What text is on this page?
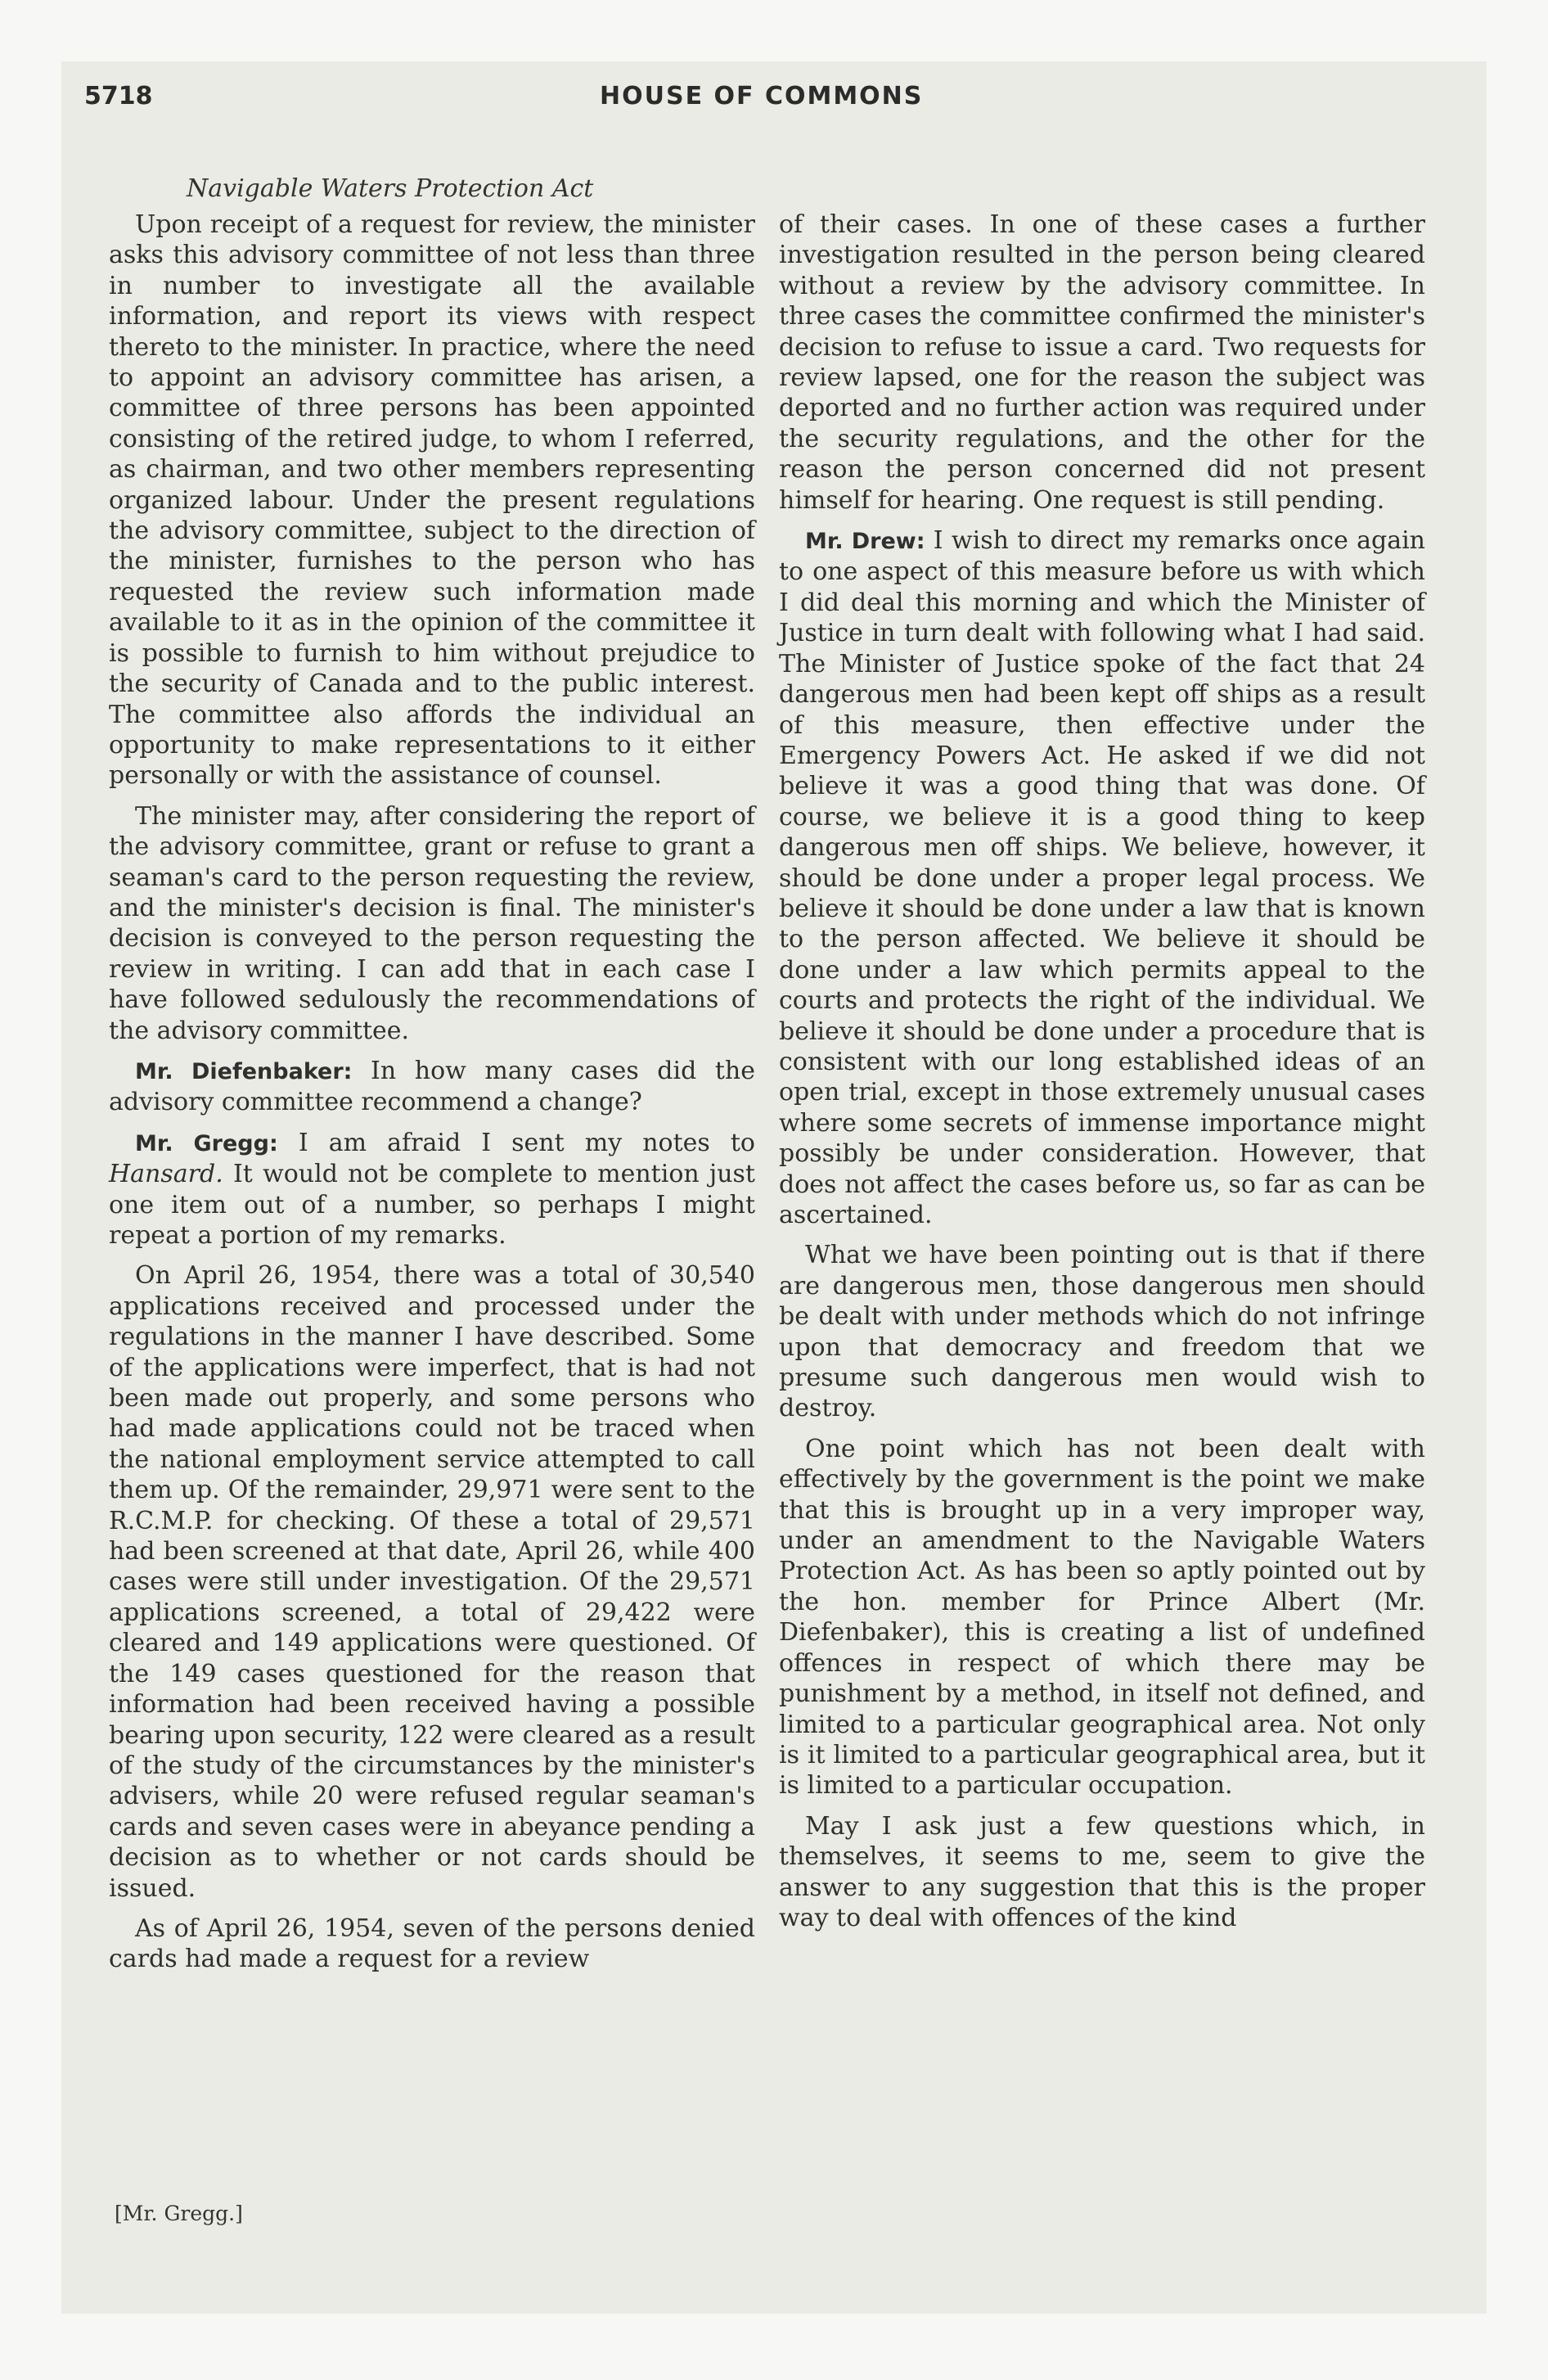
5718	HOUSE OF COMMONS
Navigable Waters Protection Act

Upon receipt of a request for review, the minister asks this advisory committee of not less than three in number to investigate all the available information, and report its views with respect thereto to the minister. In practice, where the need to appoint an advisory committee has arisen, a committee of three persons has been appointed consisting of the retired judge, to whom I referred, as chairman, and two other members representing organized labour. Under the present regulations the advisory committee, subject to the direction of the minister, furnishes to the person who has requested the review such information made available to it as in the opinion of the committee it is possible to furnish to him without prejudice to the security of Canada and to the public interest. The committee also affords the individual an opportunity to make representations to it either personally or with the assistance of counsel.

The minister may, after considering the report of the advisory committee, grant or refuse to grant a seaman's card to the person requesting the review, and the minister's decision is final. The minister's decision is conveyed to the person requesting the review in writing. I can add that in each case I have followed sedulously the recommendations of the advisory committee.

Mr. Diefenbaker: In how many cases did the advisory committee recommend a change?

Mr. Gregg: I am afraid I sent my notes to Hansard. It would not be complete to mention just one item out of a number, so perhaps I might repeat a portion of my remarks.

On April 26, 1954, there was a total of 30,540 applications received and processed under the regulations in the manner I have described. Some of the applications were imperfect, that is had not been made out properly, and some persons who had made applications could not be traced when the national employment service attempted to call them up. Of the remainder, 29,971 were sent to the R.C.M.P. for checking. Of these a total of 29,571 had been screened at that date, April 26, while 400 cases were still under investigation. Of the 29,571 applications screened, a total of 29,422 were cleared and 149 applications were questioned. Of the 149 cases questioned for the reason that information had been received having a possible bearing upon security, 122 were cleared as a result of the study of the circumstances by the minister's advisers, while 20 were refused regular seaman's cards and seven cases were in abeyance pending a decision as to whether or not cards should be issued.

As of April 26, 1954, seven of the persons denied cards had made a request for a review

of their cases. In one of these cases a further investigation resulted in the person being cleared without a review by the advisory committee. In three cases the committee confirmed the minister's decision to refuse to issue a card. Two requests for review lapsed, one for the reason the subject was deported and no further action was required under the security regulations, and the other for the reason the person concerned did not present himself for hearing. One request is still pending.

Mr. Drew: I wish to direct my remarks once again to one aspect of this measure before us with which I did deal this morning and which the Minister of Justice in turn dealt with following what I had said. The Minister of Justice spoke of the fact that 24 dangerous men had been kept off ships as a result of this measure, then effective under the Emergency Powers Act. He asked if we did not believe it was a good thing that was done. Of course, we believe it is a good thing to keep dangerous men off ships. We believe, however, it should be done under a proper legal process. We believe it should be done under a law that is known to the person affected. We believe it should be done under a law which permits appeal to the courts and protects the right of the individual. We believe it should be done under a procedure that is consistent with our long established ideas of an open trial, except in those extremely unusual cases where some secrets of immense importance might possibly be under consideration. However, that does not affect the cases before us, so far as can be ascertained.

What we have been pointing out is that if there are dangerous men, those dangerous men should be dealt with under methods which do not infringe upon that democracy and freedom that we presume such dangerous men would wish to destroy.

One point which has not been dealt with effectively by the government is the point we make that this is brought up in a very improper way, under an amendment to the Navigable Waters Protection Act. As has been so aptly pointed out by the hon. member for Prince Albert (Mr. Diefenbaker), this is creating a list of undefined offences in respect of which there may be punishment by a method, in itself not defined, and limited to a particular geographical area. Not only is it limited to a particular geographical area, but it is limited to a particular occupation.

May I ask just a few questions which, in themselves, it seems to me, seem to give the answer to any suggestion that this is the proper way to deal with offences of the kind

[Mr. Gregg.]
